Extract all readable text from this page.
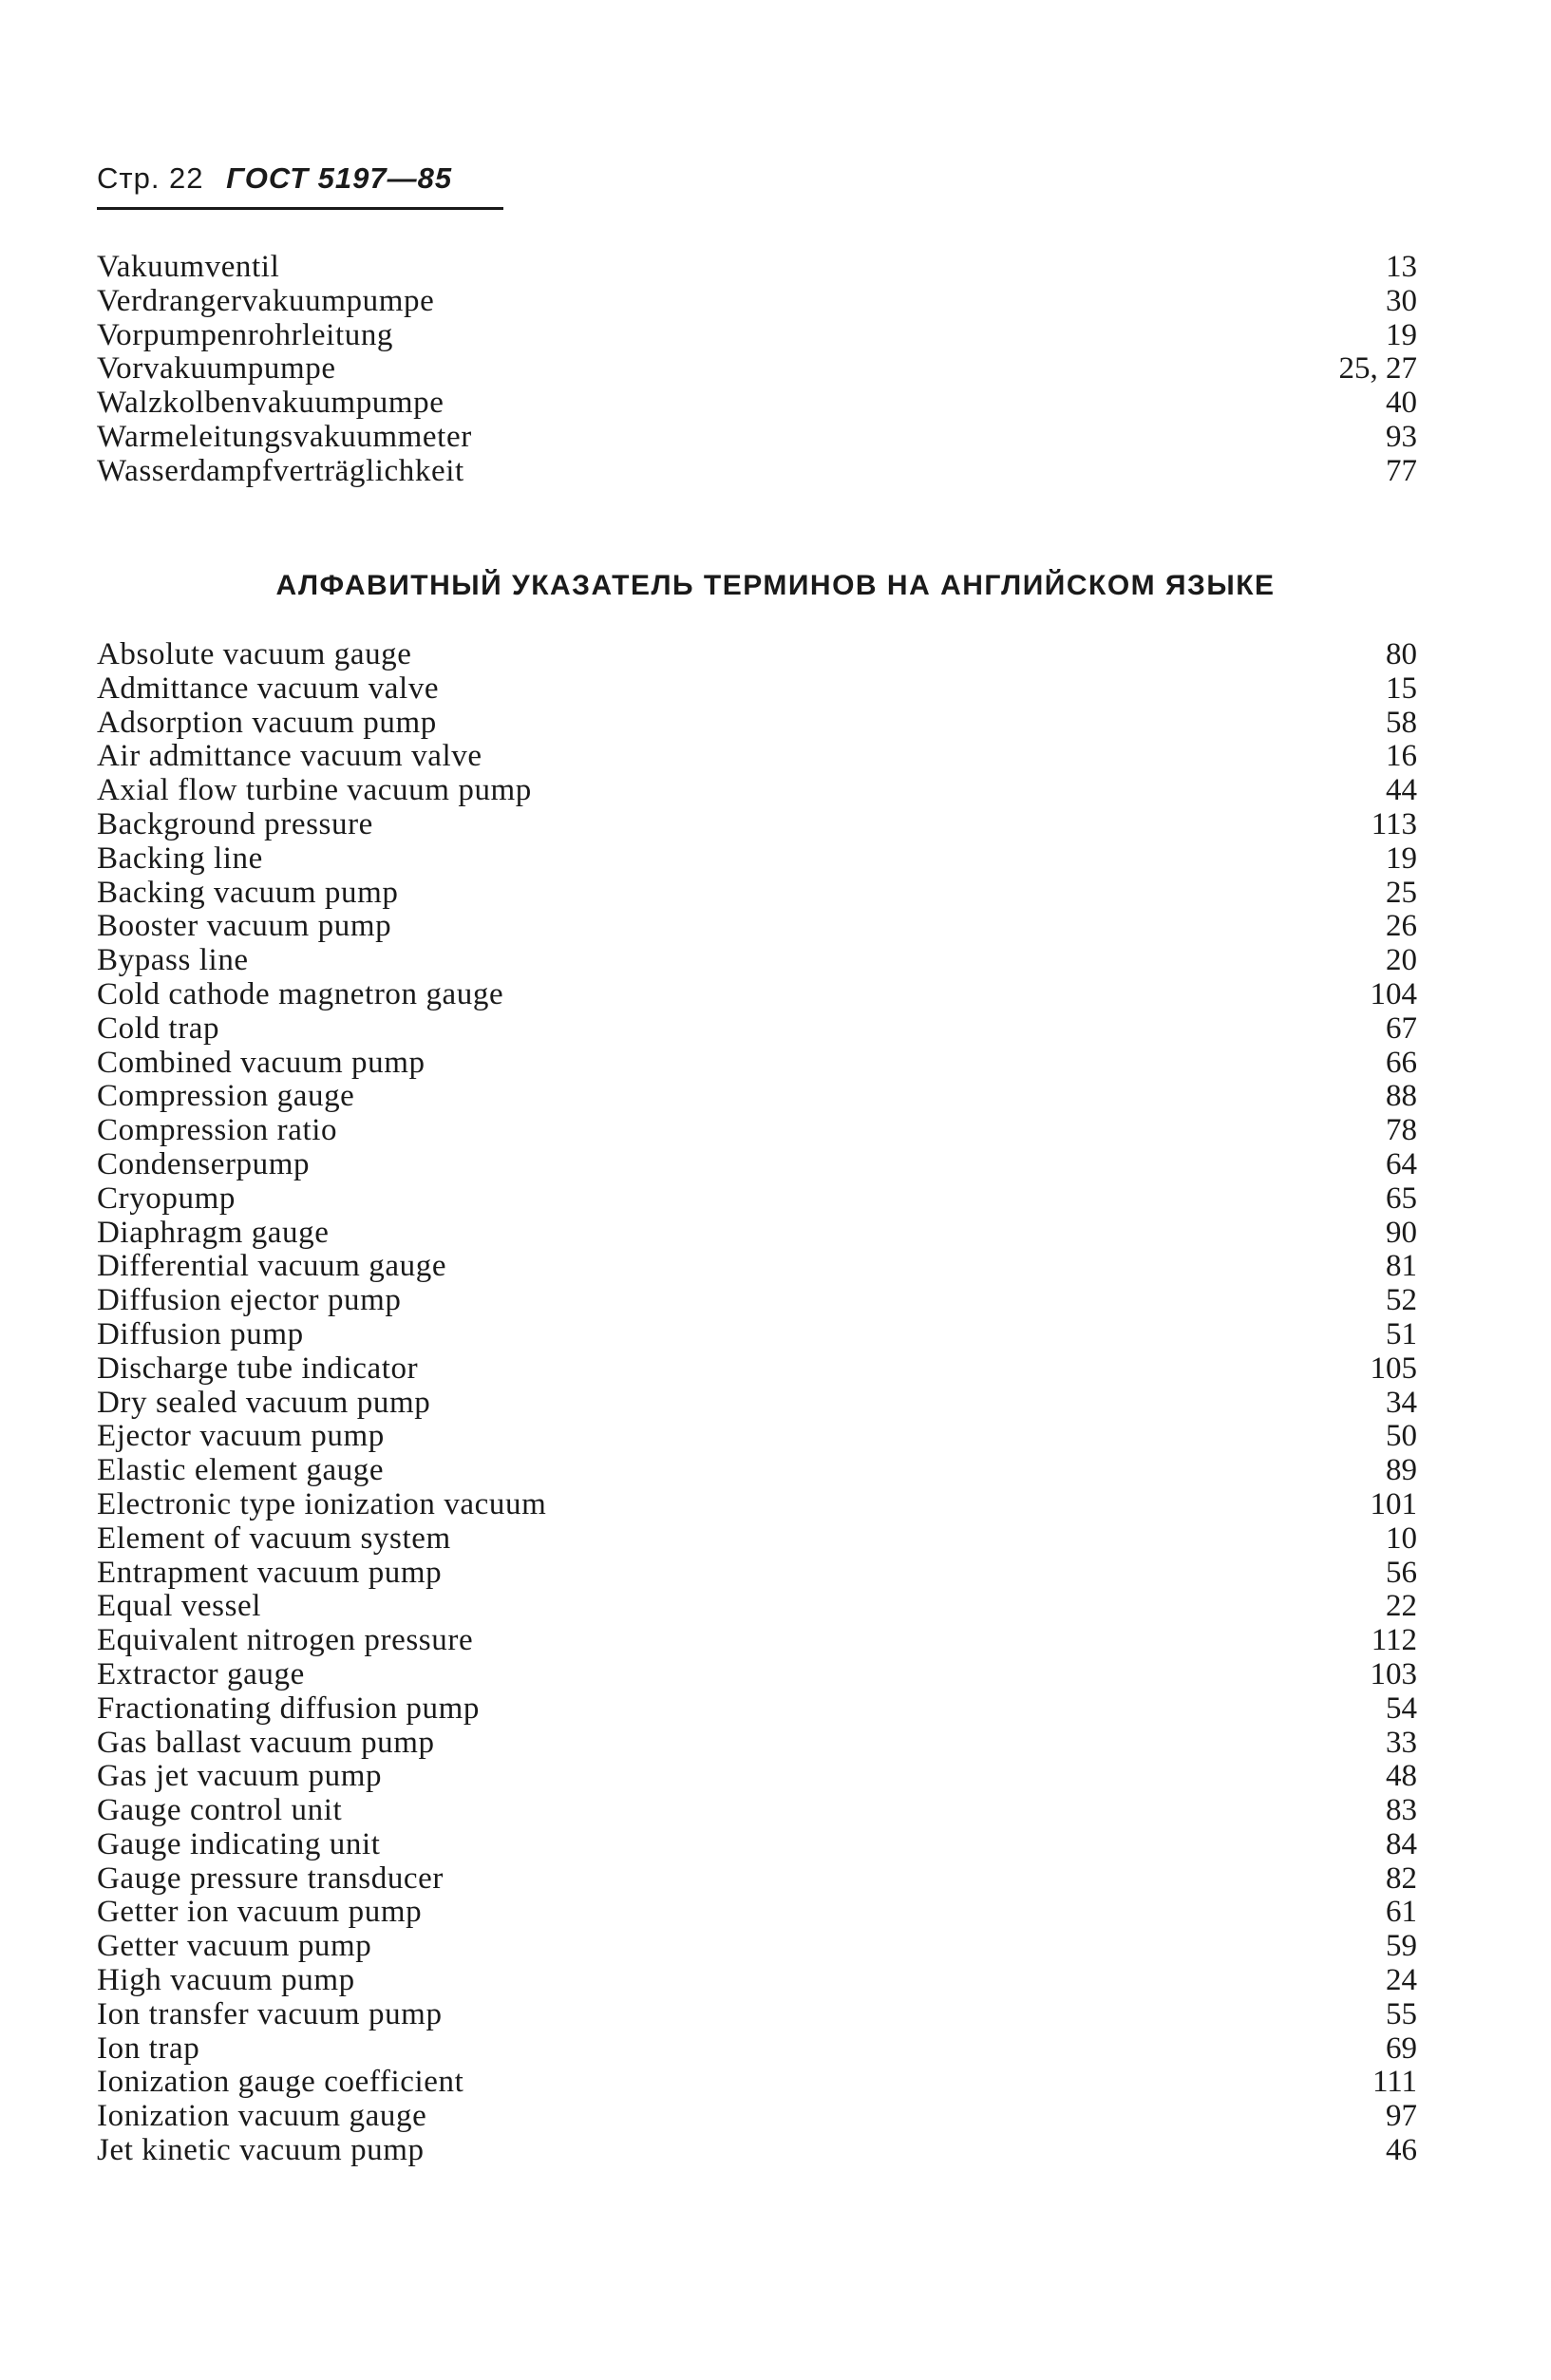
Стр. 22 ГОСТ 5197—85
Vakuumventil	13
Verdrangervakuumpumpe	30
Vorpumpenrohrleitung	19
Vorvakuumpumpe	25, 27
Walzkolbenvakuumpumpe	40
Warmeleitungsvakuummeter	93
Wasserdampfverträglichkeit	77
АЛФАВИТНЫЙ УКАЗАТЕЛЬ ТЕРМИНОВ НА АНГЛИЙСКОМ ЯЗЫКЕ
Absolute vacuum gauge	80
Admittance vacuum valve	15
Adsorption vacuum pump	58
Air admittance vacuum valve	16
Axial flow turbine vacuum pump	44
Background pressure	113
Backing line	19
Backing vacuum pump	25
Booster vacuum pump	26
Bypass line	20
Cold cathode magnetron gauge	104
Cold trap	67
Combined vacuum pump	66
Compression gauge	88
Compression ratio	78
Condenserpump	64
Cryopump	65
Diaphragm gauge	90
Differential vacuum gauge	81
Diffusion ejector pump	52
Diffusion pump	51
Discharge tube indicator	105
Dry sealed vacuum pump	34
Ejector vacuum pump	50
Elastic element gauge	89
Electronic type ionization vacuum	101
Element of vacuum system	10
Entrapment vacuum pump	56
Equal vessel	22
Equivalent nitrogen pressure	112
Extractor gauge	103
Fractionating diffusion pump	54
Gas ballast vacuum pump	33
Gas jet vacuum pump	48
Gauge control unit	83
Gauge indicating unit	84
Gauge pressure transducer	82
Getter ion vacuum pump	61
Getter vacuum pump	59
High vacuum pump	24
Ion transfer vacuum pump	55
Ion trap	69
Ionization gauge coefficient	111
Ionization vacuum gauge	97
Jet kinetic vacuum pump	46
